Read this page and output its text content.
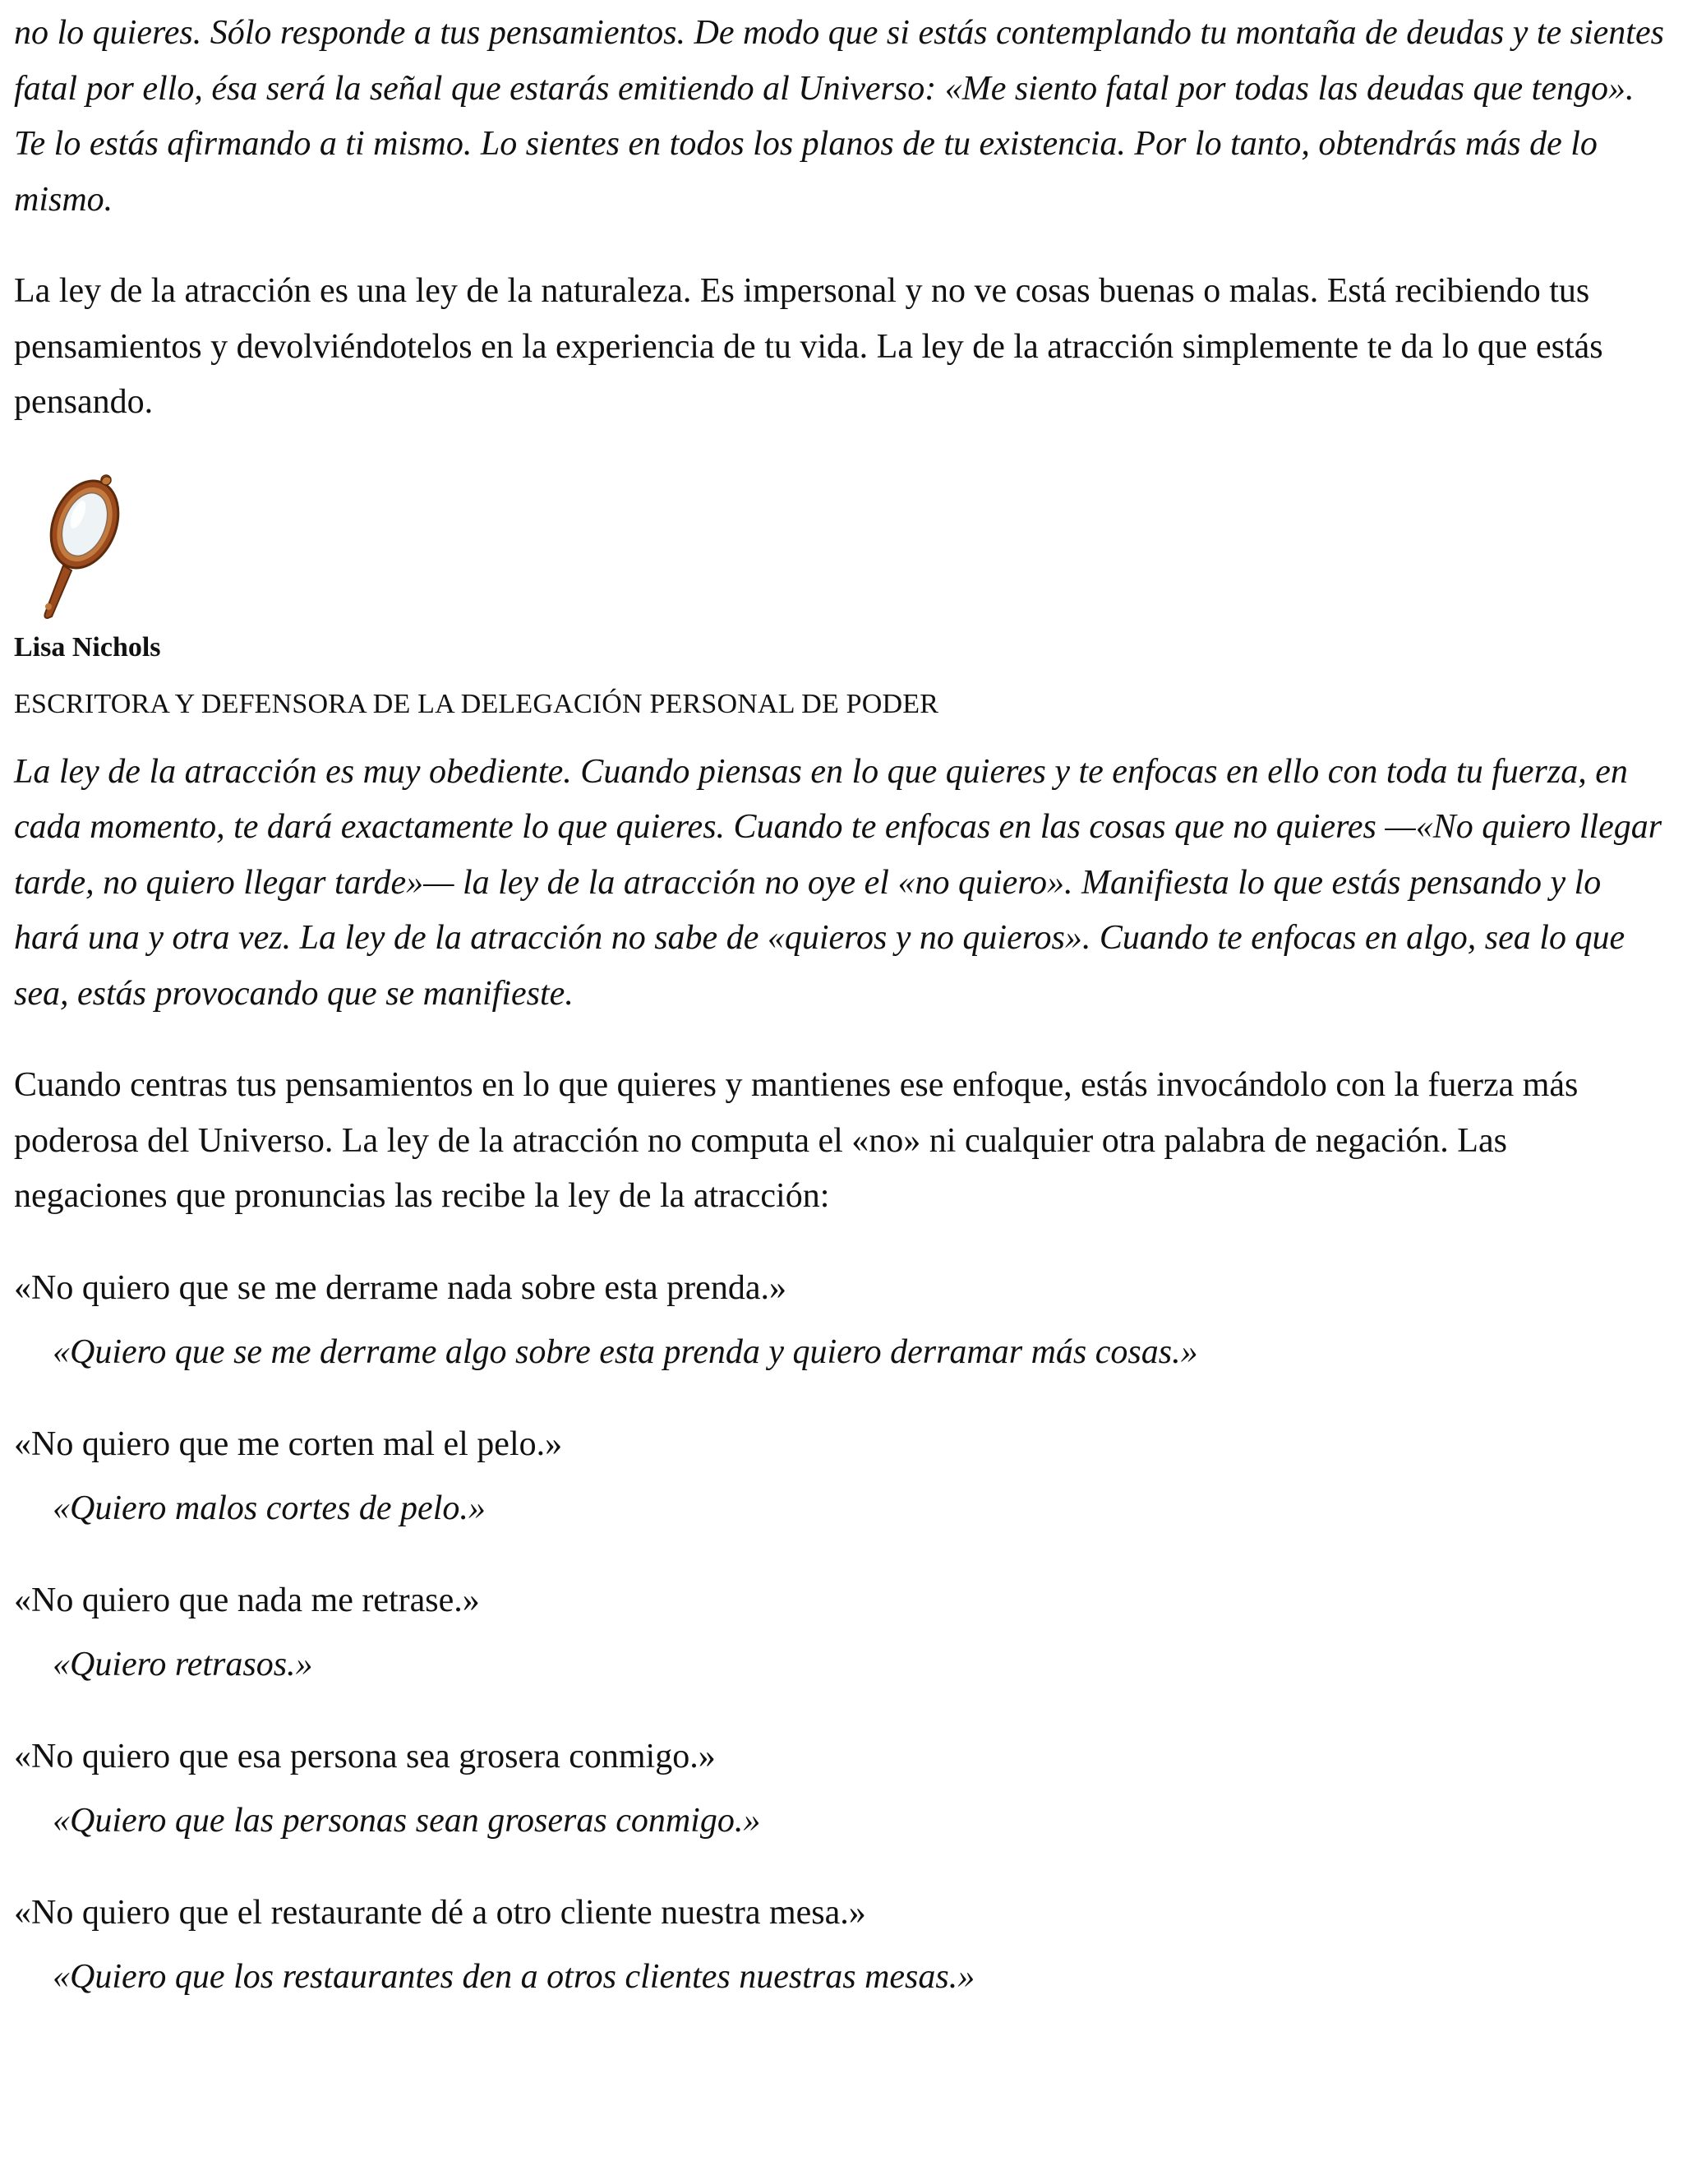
no lo quieres. Sólo responde a tus pensamientos. De modo que si estás contemplando tu montaña de deudas y te sientes fatal por ello, ésa será la señal que estarás emitiendo al Universo: «Me siento fatal por todas las deudas que tengo». Te lo estás afirmando a ti mismo. Lo sientes en todos los planos de tu existencia. Por lo tanto, obtendrás más de lo mismo.

La ley de la atracción es una ley de la naturaleza. Es impersonal y no ve cosas buenas o malas. Está recibiendo tus pensamientos y devolviéndotelos en la experiencia de tu vida. La ley de la atracción simplemente te da lo que estás pensando.

Lisa Nichols
ESCRITORA Y DEFENSORA DE LA DELEGACIÓN PERSONAL DE PODER

La ley de la atracción es muy obediente. Cuando piensas en lo que quieres y te enfocas en ello con toda tu fuerza, en cada momento, te dará exactamente lo que quieres. Cuando te enfocas en las cosas que no quieres —«No quiero llegar tarde, no quiero llegar tarde»— la ley de la atracción no oye el «no quiero». Manifiesta lo que estás pensando y lo hará una y otra vez. La ley de la atracción no sabe de «quieros y no quieros». Cuando te enfocas en algo, sea lo que sea, estás provocando que se manifieste.

Cuando centras tus pensamientos en lo que quieres y mantienes ese enfoque, estás invocándolo con la fuerza más poderosa del Universo. La ley de la atracción no computa el «no» ni cualquier otra palabra de negación. Las negaciones que pronuncias las recibe la ley de la atracción:

«No quiero que se me derrame nada sobre esta prenda.»
«Quiero que se me derrame algo sobre esta prenda y quiero derramar más cosas.»
«No quiero que me corten mal el pelo.»
«Quiero malos cortes de pelo.»
«No quiero que nada me retrase.»
«Quiero retrasos.»
«No quiero que esa persona sea grosera conmigo.»
«Quiero que las personas sean groseras conmigo.»
«No quiero que el restaurante dé a otro cliente nuestra mesa.»
«Quiero que los restaurantes den a otros clientes nuestras mesas.»
